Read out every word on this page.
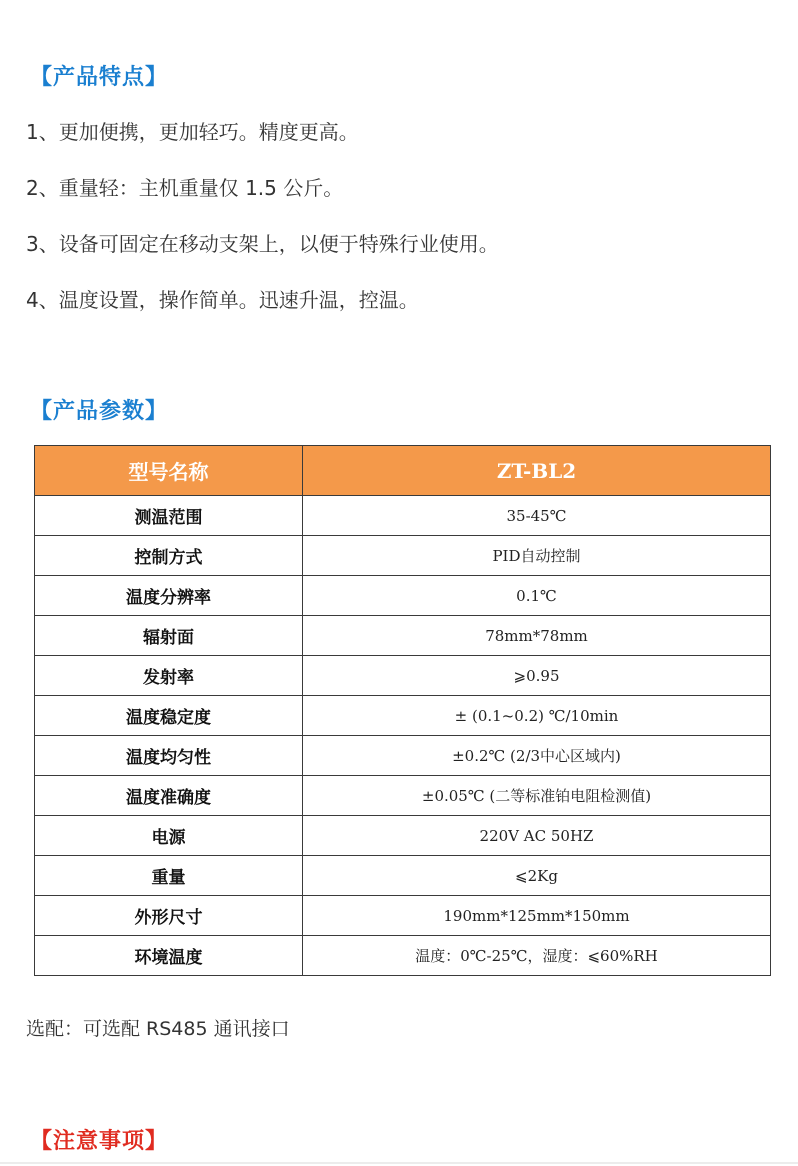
【产品特点】
1、更加便携，更加轻巧。精度更高。
2、重量轻：主机重量仅 1.5 公斤。
3、设备可固定在移动支架上，以便于特殊行业使用。
4、温度设置，操作简单。迅速升温，控温。
【产品参数】
型号名称	ZT-BL2
测温范围	35-45℃
控制方式	PID自动控制
温度分辨率	0.1℃
辐射面	78mm*78mm
发射率	⩾0.95
温度稳定度	± (0.1~0.2) ℃/10min
温度均匀性	±0.2℃ (2/3中心区域内)
温度准确度	±0.05℃ (二等标准铂电阻检测值)
电源	220V AC 50HZ
重量	⩽2Kg
外形尺寸	190mm*125mm*150mm
环境温度	温度：0℃-25℃，湿度：⩽60%RH
选配：可选配 RS485 通讯接口
【注意事项】
